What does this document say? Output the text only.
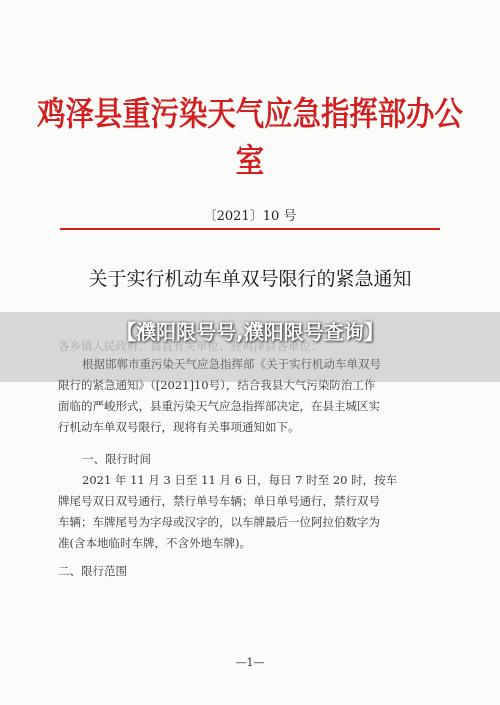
鸡泽县重污染天气应急指挥部办公室
〔2021〕10 号
关于实行机动车单双号限行的紧急通知
各乡镇人民政府、县直有关单位、驻鸡泽县各单位：
根据邯郸市重污染天气应急指挥部《关于实行机动车单双号
限行的紧急通知》（[2021]10号），结合我县大气污染防治工作
面临的严峻形式，县重污染天气应急指挥部决定，在县主城区实
行机动车单双号限行，现将有关事项通知如下。
一、限行时间
2021 年 11 月 3 日至 11 月 6 日，每日 7 时至 20 时，按车
牌尾号双日双号通行，禁行单号车辆；单日单号通行，禁行双号
车辆；车牌尾号为字母或汉字的，以车牌最后一位阿拉伯数字为
准(含本地临时车牌，不含外地车牌)。
二、限行范围
【濮阳限号号,濮阳限号查询】
—1—
